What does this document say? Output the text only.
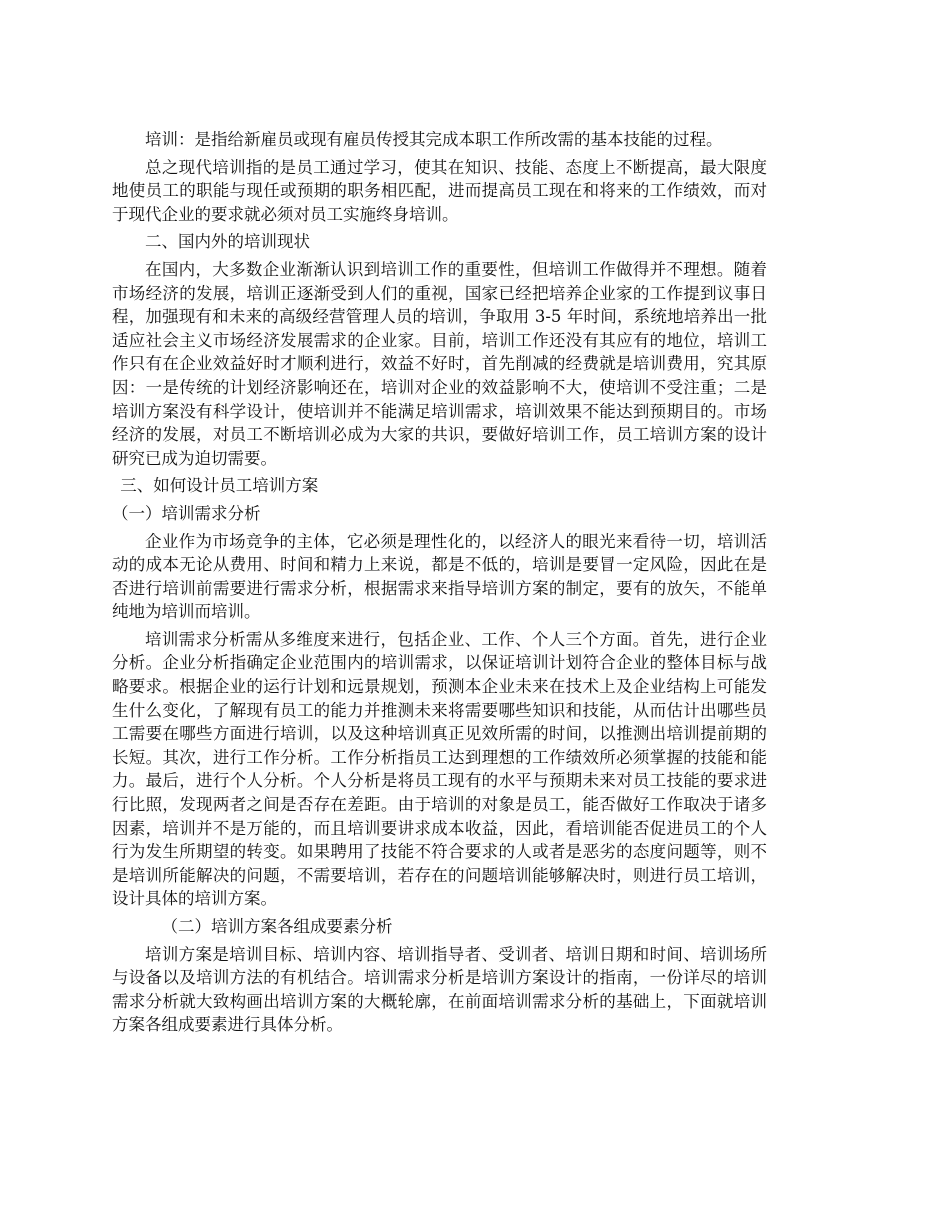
培训：是指给新雇员或现有雇员传授其完成本职工作所改需的基本技能的过程。

总之现代培训指的是员工通过学习，使其在知识、技能、态度上不断提高，最大限度地使员工的职能与现任或预期的职务相匹配，进而提高员工现在和将来的工作绩效，而对于现代企业的要求就必须对员工实施终身培训。

二、国内外的培训现状

在国内，大多数企业渐渐认识到培训工作的重要性，但培训工作做得并不理想。随着市场经济的发展，培训正逐渐受到人们的重视，国家已经把培养企业家的工作提到议事日程，加强现有和未来的高级经营管理人员的培训，争取用 3-5 年时间，系统地培养出一批适应社会主义市场经济发展需求的企业家。目前，培训工作还没有其应有的地位，培训工作只有在企业效益好时才顺利进行，效益不好时，首先削减的经费就是培训费用，究其原因：一是传统的计划经济影响还在，培训对企业的效益影响不大，使培训不受注重；二是培训方案没有科学设计，使培训并不能满足培训需求，培训效果不能达到预期目的。市场经济的发展，对员工不断培训必成为大家的共识，要做好培训工作，员工培训方案的设计研究已成为迫切需要。

三、如何设计员工培训方案

（一）培训需求分析

企业作为市场竞争的主体，它必须是理性化的，以经济人的眼光来看待一切，培训活动的成本无论从费用、时间和精力上来说，都是不低的，培训是要冒一定风险，因此在是否进行培训前需要进行需求分析，根据需求来指导培训方案的制定，要有的放矢，不能单纯地为培训而培训。

培训需求分析需从多维度来进行，包括企业、工作、个人三个方面。首先，进行企业分析。企业分析指确定企业范围内的培训需求，以保证培训计划符合企业的整体目标与战略要求。根据企业的运行计划和远景规划，预测本企业未来在技术上及企业结构上可能发生什么变化，了解现有员工的能力并推测未来将需要哪些知识和技能，从而估计出哪些员工需要在哪些方面进行培训，以及这种培训真正见效所需的时间，以推测出培训提前期的长短。其次，进行工作分析。工作分析指员工达到理想的工作绩效所必须掌握的技能和能力。最后，进行个人分析。个人分析是将员工现有的水平与预期未来对员工技能的要求进行比照，发现两者之间是否存在差距。由于培训的对象是员工，能否做好工作取决于诸多因素，培训并不是万能的，而且培训要讲求成本收益，因此，看培训能否促进员工的个人行为发生所期望的转变。如果聘用了技能不符合要求的人或者是恶劣的态度问题等，则不是培训所能解决的问题，不需要培训，若存在的问题培训能够解决时，则进行员工培训，设计具体的培训方案。

（二）培训方案各组成要素分析

培训方案是培训目标、培训内容、培训指导者、受训者、培训日期和时间、培训场所与设备以及培训方法的有机结合。培训需求分析是培训方案设计的指南，一份详尽的培训需求分析就大致构画出培训方案的大概轮廓，在前面培训需求分析的基础上，下面就培训方案各组成要素进行具体分析。
